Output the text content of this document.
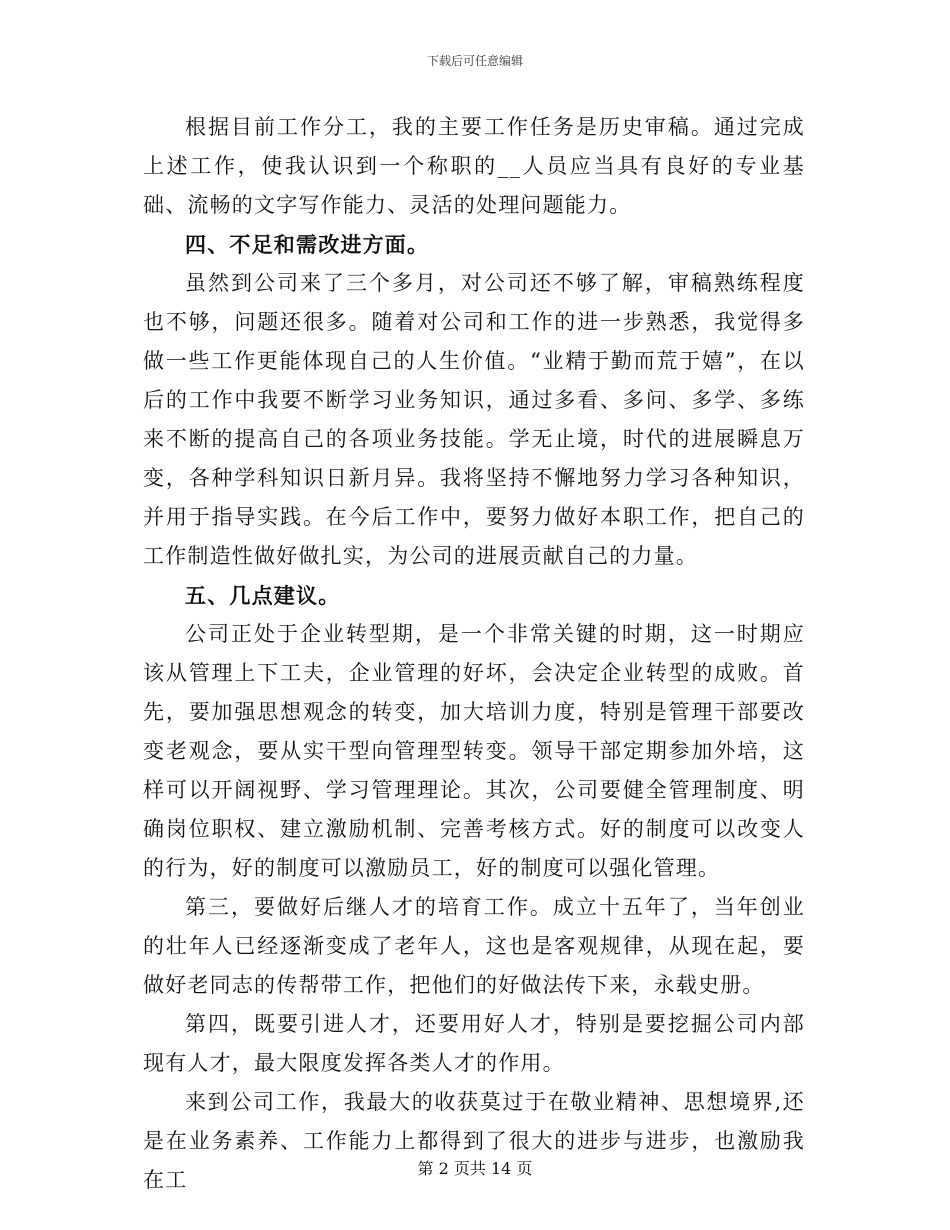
下载后可任意编辑

根据目前工作分工，我的主要工作任务是历史审稿。通过完成上述工作，使我认识到一个称职的__人员应当具有良好的专业基础、流畅的文字写作能力、灵活的处理问题能力。

四、不足和需改进方面。

虽然到公司来了三个多月，对公司还不够了解，审稿熟练程度也不够，问题还很多。随着对公司和工作的进一步熟悉，我觉得多做一些工作更能体现自己的人生价值。“业精于勤而荒于嬉”，在以后的工作中我要不断学习业务知识，通过多看、多问、多学、多练来不断的提高自己的各项业务技能。学无止境，时代的进展瞬息万变，各种学科知识日新月异。我将坚持不懈地努力学习各种知识，并用于指导实践。在今后工作中，要努力做好本职工作，把自己的工作制造性做好做扎实，为公司的进展贡献自己的力量。

五、几点建议。

公司正处于企业转型期，是一个非常关键的时期，这一时期应该从管理上下工夫，企业管理的好坏，会决定企业转型的成败。首先，要加强思想观念的转变，加大培训力度，特别是管理干部要改变老观念，要从实干型向管理型转变。领导干部定期参加外培，这样可以开阔视野、学习管理理论。其次，公司要健全管理制度、明确岗位职权、建立激励机制、完善考核方式。好的制度可以改变人的行为，好的制度可以激励员工，好的制度可以强化管理。

第三，要做好后继人才的培育工作。成立十五年了，当年创业的壮年人已经逐渐变成了老年人，这也是客观规律，从现在起，要做好老同志的传帮带工作，把他们的好做法传下来，永载史册。

第四，既要引进人才，还要用好人才，特别是要挖掘公司内部现有人才，最大限度发挥各类人才的作用。

来到公司工作，我最大的收获莫过于在敬业精神、思想境界,还是在业务素养、工作能力上都得到了很大的进步与进步，也激励我在工	第 2 页共 14 页
